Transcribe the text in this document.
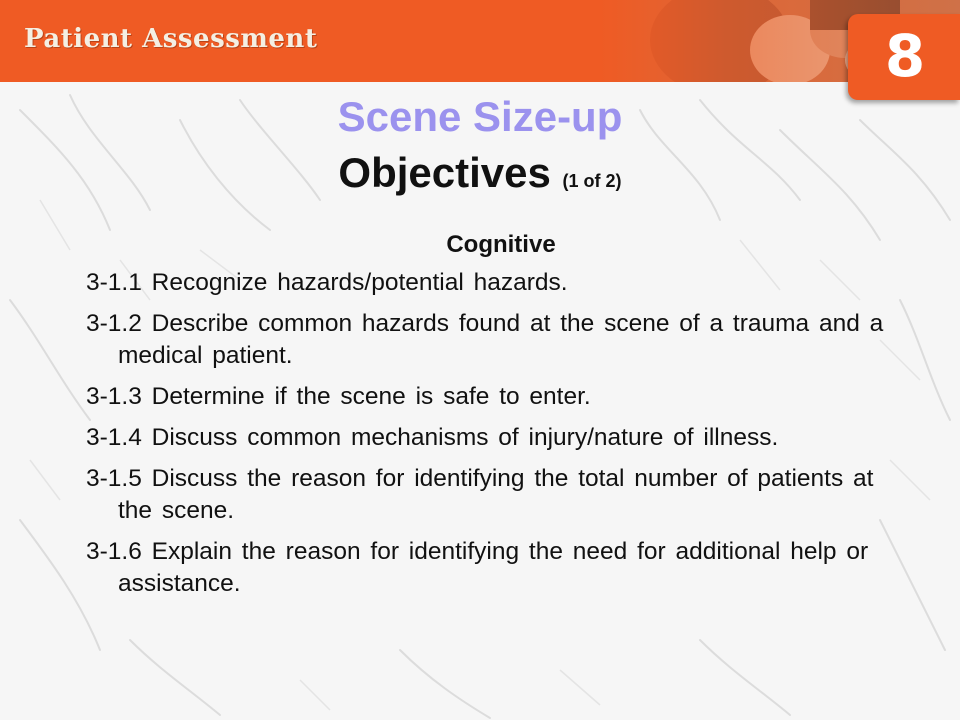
Patient Assessment	8
Scene Size-up
Objectives (1 of 2)
Cognitive
3-1.1 Recognize hazards/potential hazards.
3-1.2 Describe common hazards found at the scene of a trauma and a medical patient.
3-1.3 Determine if the scene is safe to enter.
3-1.4 Discuss common mechanisms of injury/nature of illness.
3-1.5 Discuss the reason for identifying the total number of patients at the scene.
3-1.6 Explain the reason for identifying the need for additional help or assistance.
